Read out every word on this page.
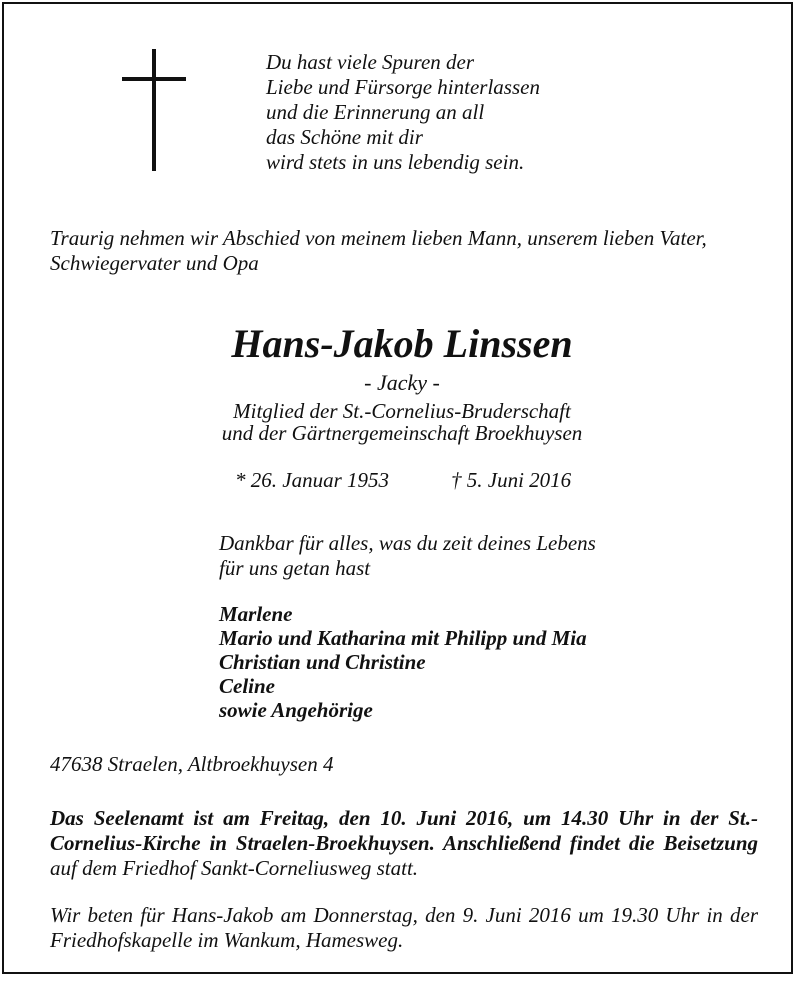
Du hast viele Spuren der
Liebe und Fürsorge hinterlassen
und die Erinnerung an all
das Schöne mit dir
wird stets in uns lebendig sein.
Traurig nehmen wir Abschied von meinem lieben Mann, unserem lieben Vater,
Schwiegervater und Opa
Hans-Jakob Linssen
- Jacky -
Mitglied der St.-Cornelius-Bruderschaft
und der Gärtnergemeinschaft Broekhuysen
* 26. Januar 1953	† 5. Juni 2016
Dankbar für alles, was du zeit deines Lebens
für uns getan hast
Marlene
Mario und Katharina mit Philipp und Mia
Christian und Christine
Celine
sowie Angehörige
47638 Straelen, Altbroekhuysen 4
Das Seelenamt ist am Freitag, den 10. Juni 2016, um 14.30 Uhr in der St.-Cornelius-Kirche in Straelen-Broekhuysen. Anschließend findet die Beisetzung auf dem Friedhof Sankt-Corneliusweg statt.
Wir beten für Hans-Jakob am Donnerstag, den 9. Juni 2016 um 19.30 Uhr in der Friedhofskapelle im Wankum, Hamesweg.
